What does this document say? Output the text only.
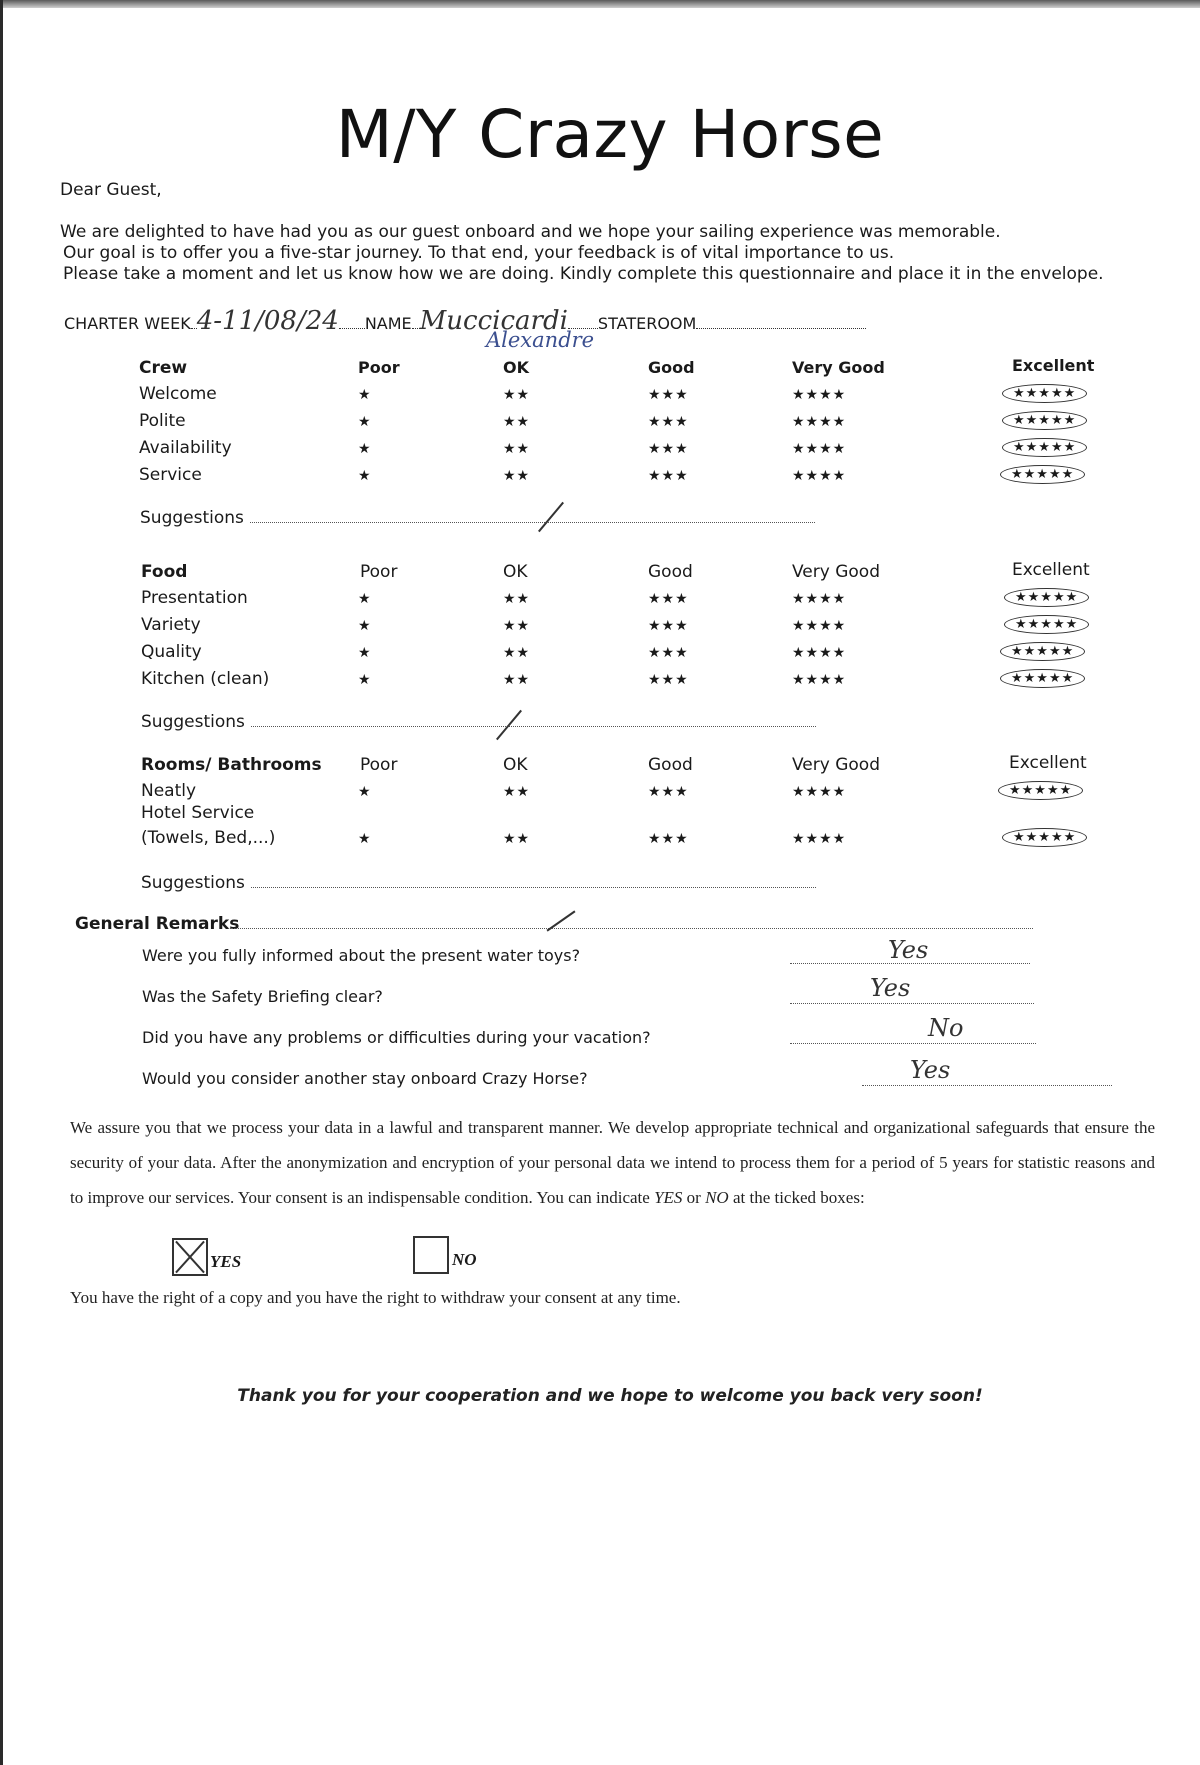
M/Y Crazy Horse
Dear Guest,
We are delighted to have had you as our guest onboard and we hope your sailing experience was memorable.
Our goal is to offer you a five-star journey. To that end, your feedback is of vital importance to us.
Please take a moment and let us know how we are doing. Kindly complete this questionnaire and place it in the envelope.
CHARTER WEEK 4-11/08/24 NAME Muccicardi STATEROOM
Alexandre
Crew	Poor	OK	Good	Very Good	Excellent
Welcome	★	★★	★★★	★★★★	★★★★★
Polite	★	★★	★★★	★★★★	★★★★★
Availability	★	★★	★★★	★★★★	★★★★★
Service	★	★★	★★★	★★★★	★★★★★
Suggestions
Food	Poor	OK	Good	Very Good	Excellent
Presentation	★	★★	★★★	★★★★	★★★★★
Variety	★	★★	★★★	★★★★	★★★★★
Quality	★	★★	★★★	★★★★	★★★★★
Kitchen (clean)	★	★★	★★★	★★★★	★★★★★
Suggestions
Rooms/ Bathrooms Poor	OK	Good	Very Good	Excellent
Neatly	★	★★	★★★	★★★★	★★★★★
Hotel Service
(Towels, Bed,...)	★	★★	★★★	★★★★	★★★★★
Suggestions
General Remarks
Were you fully informed about the present water toys?	Yes
Was the Safety Briefing clear?	Yes
Did you have any problems or difficulties during your vacation?	No
Would you consider another stay onboard Crazy Horse?	Yes
We assure you that we process your data in a lawful and transparent manner. We develop appropriate technical and organizational safeguards that ensure the security of your data. After the anonymization and encryption of your personal data we intend to process them for a period of 5 years for statistic reasons and to improve our services. Your consent is an indispensable condition. You can indicate YES or NO at the ticked boxes:
YES	NO
You have the right of a copy and you have the right to withdraw your consent at any time.
Thank you for your cooperation and we hope to welcome you back very soon!
